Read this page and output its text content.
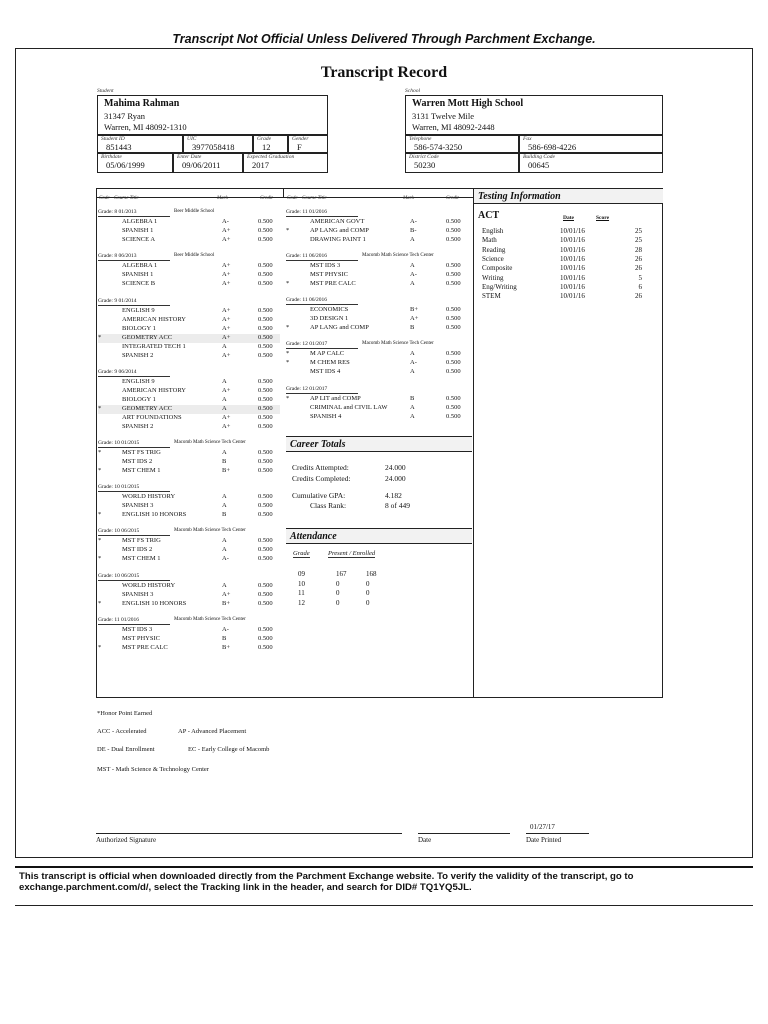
Transcript Not Official Unless Delivered Through Parchment Exchange.
Transcript Record
Student
Mahima Rahman
31347 Ryan
Warren, MI 48092-1310
Student ID
851443
UIC
3977058418
Grade
12
Gender
F
Birthdate
05/06/1999
Enter Date
09/06/2011
Expected Graduation
2017
School
Warren Mott High School
3131 Twelve Mile
Warren, MI 48092-2448
Telephone
586-574-3250
Fax
586-698-4226
District Code
50230
Building Code
00645
Code Course Title	Mark	Credit	Code Course Title	Mark	Credit
Grade: 8 01/2013	Beer Middle School
ALGEBRA 1	A-	0.500
SPANISH 1	A+	0.500
SCIENCE A	A+	0.500
Grade: 8 06/2013	Beer Middle School
ALGEBRA 1	A+	0.500
SPANISH 1	A+	0.500
SCIENCE B	A+	0.500
Grade: 9 01/2014
ENGLISH 9	A+	0.500
AMERICAN HISTORY	A+	0.500
BIOLOGY 1	A+	0.500
*	GEOMETRY ACC	A+	0.500
INTEGRATED TECH 1	A	0.500
SPANISH 2	A+	0.500
Grade: 9 06/2014
ENGLISH 9	A	0.500
AMERICAN HISTORY	A+	0.500
BIOLOGY 1	A	0.500
*	GEOMETRY ACC	A	0.500
ART FOUNDATIONS	A+	0.500
SPANISH 2	A+	0.500
Grade: 10 01/2015	Macomb Math Science Tech Center
*	MST FS TRIG	A	0.500
MST IDS 2	B	0.500
*	MST CHEM 1	B+	0.500
Grade: 10 01/2015
WORLD HISTORY	A	0.500
SPANISH 3	A	0.500
*	ENGLISH 10 HONORS	B	0.500
Grade: 10 06/2015	Macomb Math Science Tech Center
*	MST FS TRIG	A	0.500
MST IDS 2	A	0.500
*	MST CHEM 1	A-	0.500
Grade: 10 06/2015
WORLD HISTORY	A	0.500
SPANISH 3	A+	0.500
*	ENGLISH 10 HONORS	B+	0.500
Grade: 11 01/2016	Macomb Math Science Tech Center
MST IDS 3	A-	0.500
MST PHYSIC	B	0.500
*	MST PRE CALC	B+	0.500
Grade: 11 01/2016
AMERICAN GOVT	A-	0.500
*	AP LANG and COMP	B-	0.500
DRAWING PAINT 1	A	0.500
Grade: 11 06/2016	Macomb Math Science Tech Center
MST IDS 3	A	0.500
MST PHYSIC	A-	0.500
*	MST PRE CALC	A	0.500
Grade: 11 06/2016
ECONOMICS	B+	0.500
3D DESIGN 1	A+	0.500
*	AP LANG and COMP	B	0.500
Grade: 12 01/2017	Macomb Math Science Tech Center
*	M AP CALC	A	0.500
*	M CHEM RES	A-	0.500
MST IDS 4	A	0.500
Grade: 12 01/2017
*	AP LIT and COMP	B	0.500
CRIMINAL and CIVIL LAW	A	0.500
SPANISH 4	A	0.500
Career Totals
Credits Attempted:	24.000
Credits Completed:	24.000
Cumulative GPA:	4.182
Class Rank:	8 of 449
Attendance
Grade	Present / Enrolled
09	167	168
10	0	0
11	0	0
12	0	0
Testing Information
ACT	Date	Score
English	10/01/16	25
Math	10/01/16	25
Reading	10/01/16	28
Science	10/01/16	26
Composite	10/01/16	26
Writing	10/01/16	5
Eng/Writing	10/01/16	6
STEM	10/01/16	26
*Honor Point Earned
ACC - Accelerated	AP - Advanced Placement
DE - Dual Enrollment	EC - Early College of Macomb
MST - Math Science & Technology Center
Authorized Signature	Date
01/27/17
Date Printed
This transcript is official when downloaded directly from the Parchment Exchange website. To verify the validity of the transcript, go to exchange.parchment.com/d/, select the Tracking link in the header, and search for DID# TQ1YQ5JL.
